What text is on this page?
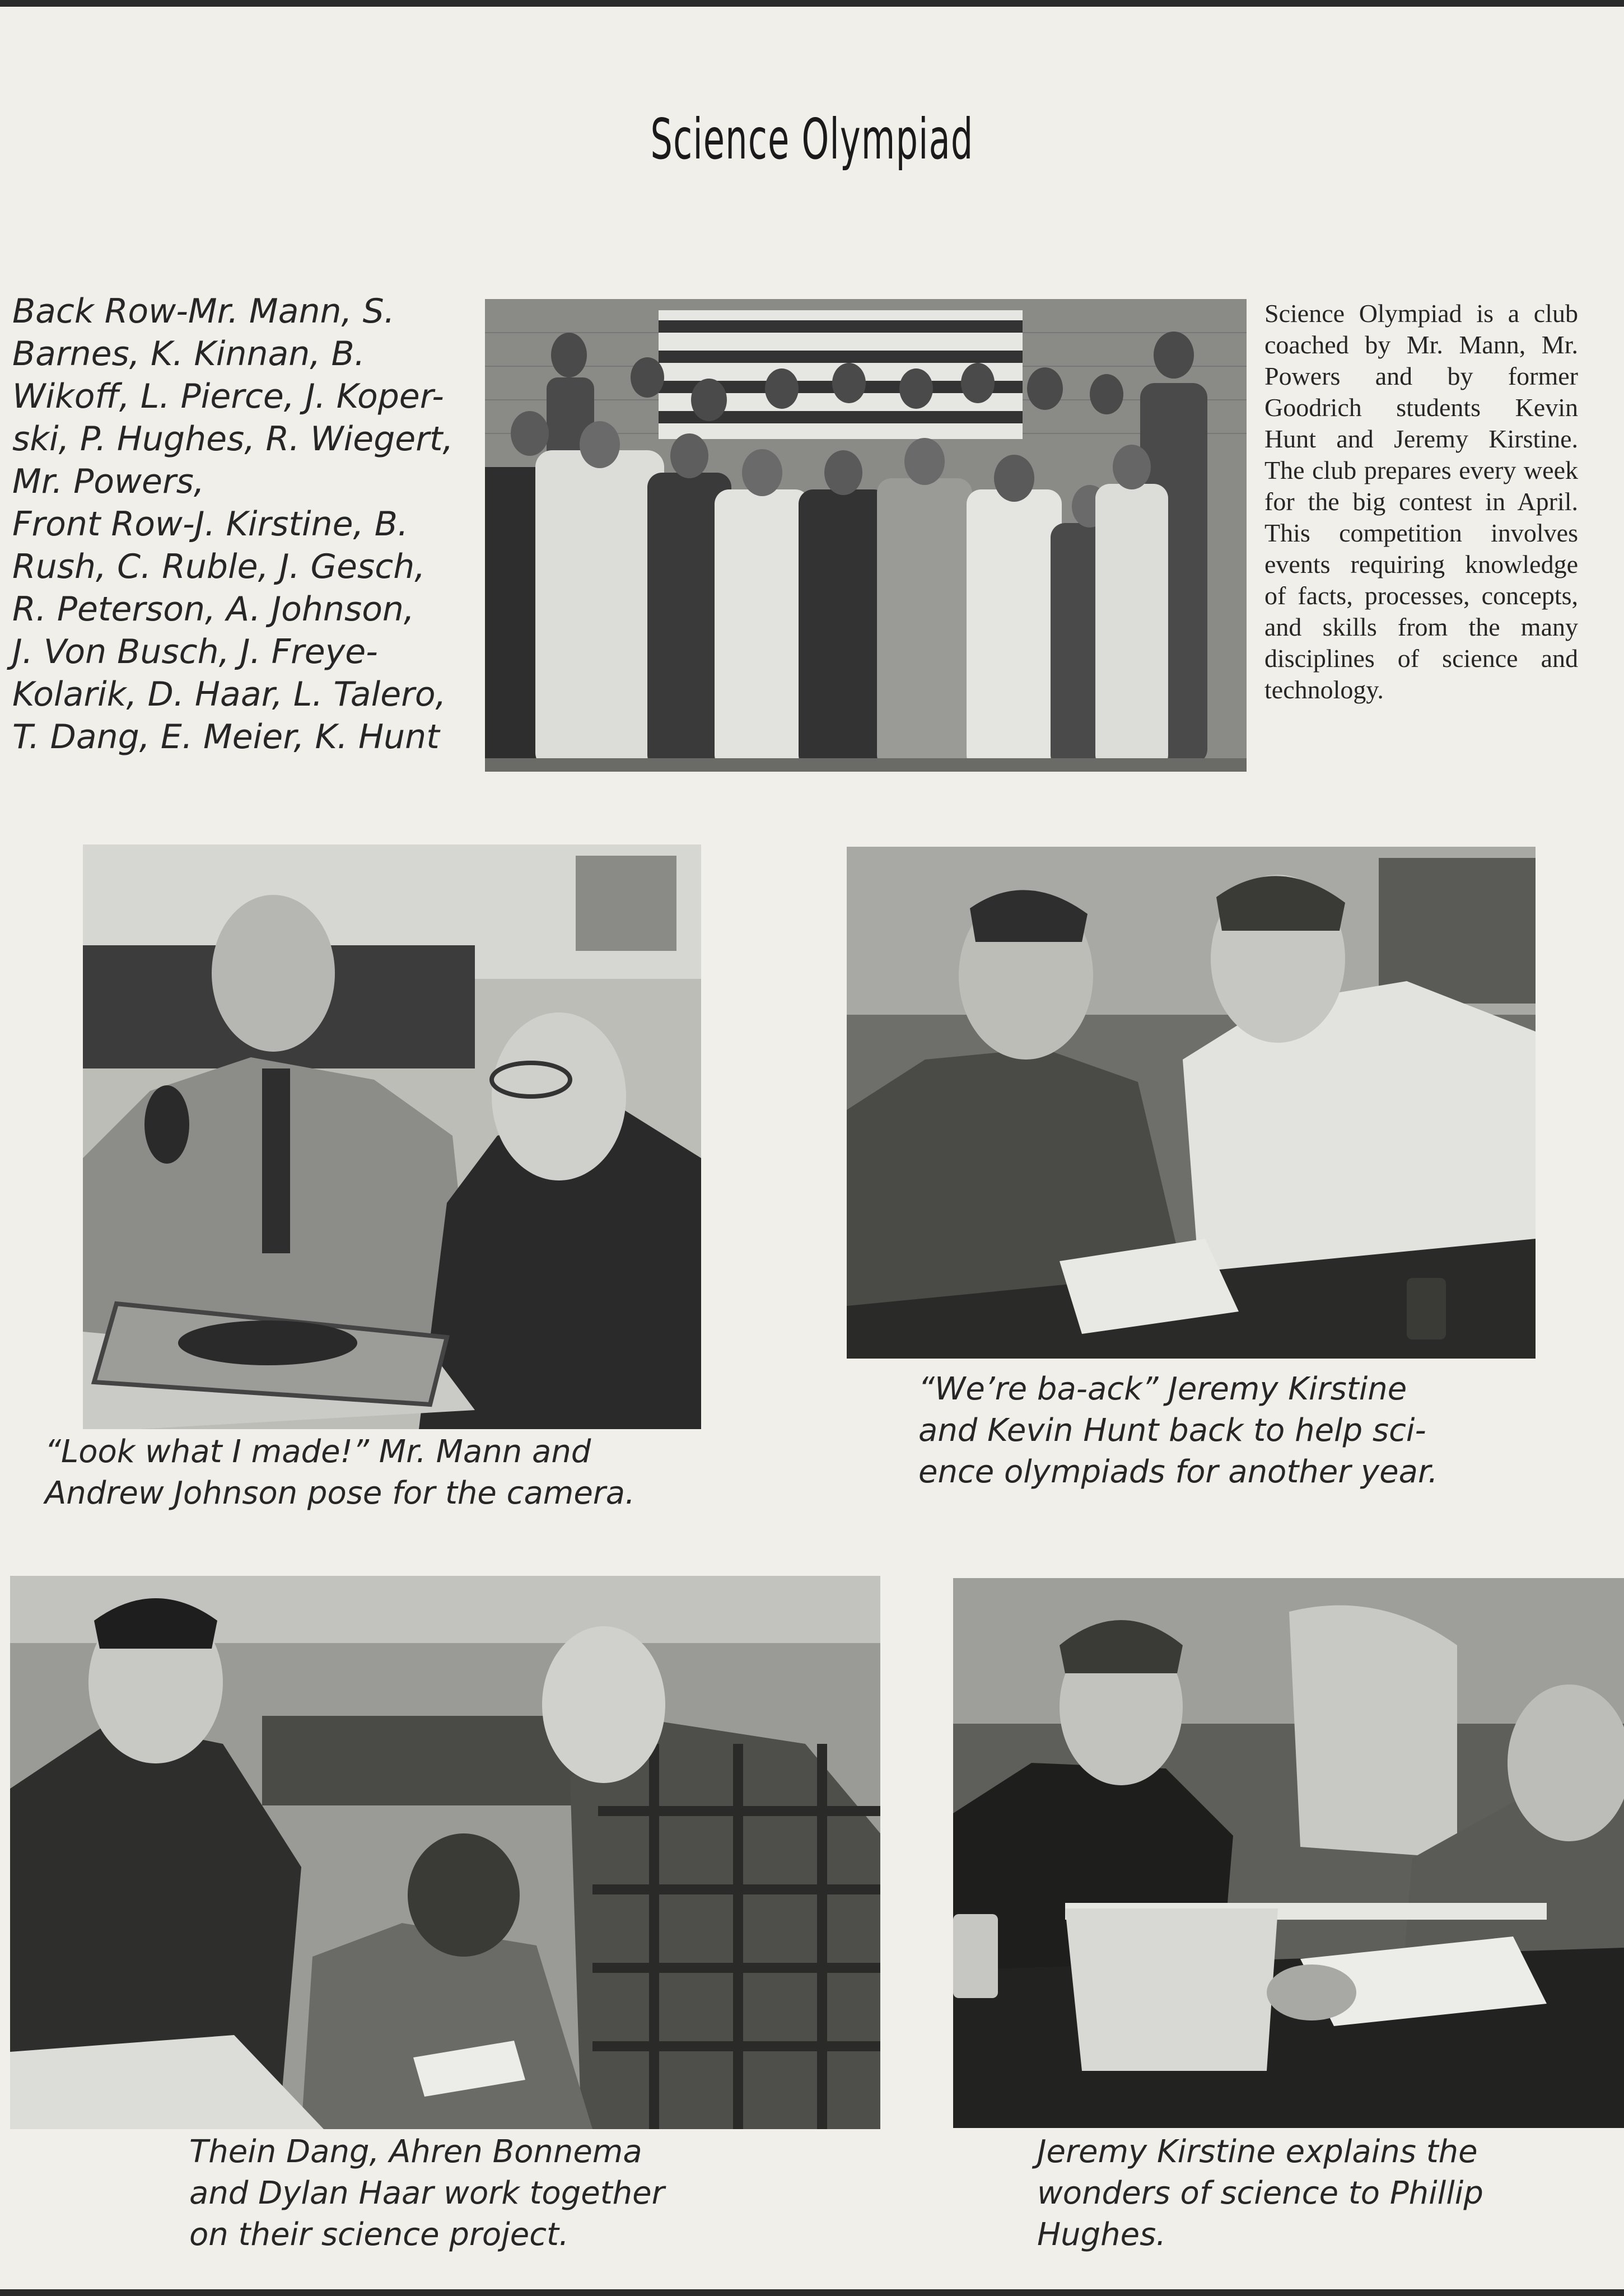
Science Olympiad
Back Row-Mr. Mann, S.
Barnes, K. Kinnan, B.
Wikoff, L. Pierce, J. Koper-
ski, P. Hughes, R. Wiegert,
Mr. Powers,
Front Row-J. Kirstine, B.
Rush, C. Ruble, J. Gesch,
R. Peterson, A. Johnson,
J. Von Busch, J. Freye-
Kolarik, D. Haar, L. Talero,
T. Dang, E. Meier, K. Hunt
Science Olympiad is a club coached by Mr. Mann, Mr. Powers and by former Goodrich students Kevin Hunt and Jeremy Kirstine. The club prepares every week for the big contest in April. This competition involves events requiring knowledge of facts, processes, concepts, and skills from the many disciplines of science and technology.
“Look what I made!” Mr. Mann and
Andrew Johnson pose for the camera.
“We’re ba-ack” Jeremy Kirstine
and Kevin Hunt back to help sci-
ence olympiads for another year.
Thein Dang, Ahren Bonnema
and Dylan Haar work together
on their science project.
Jeremy Kirstine explains the
wonders of science to Phillip
Hughes.
